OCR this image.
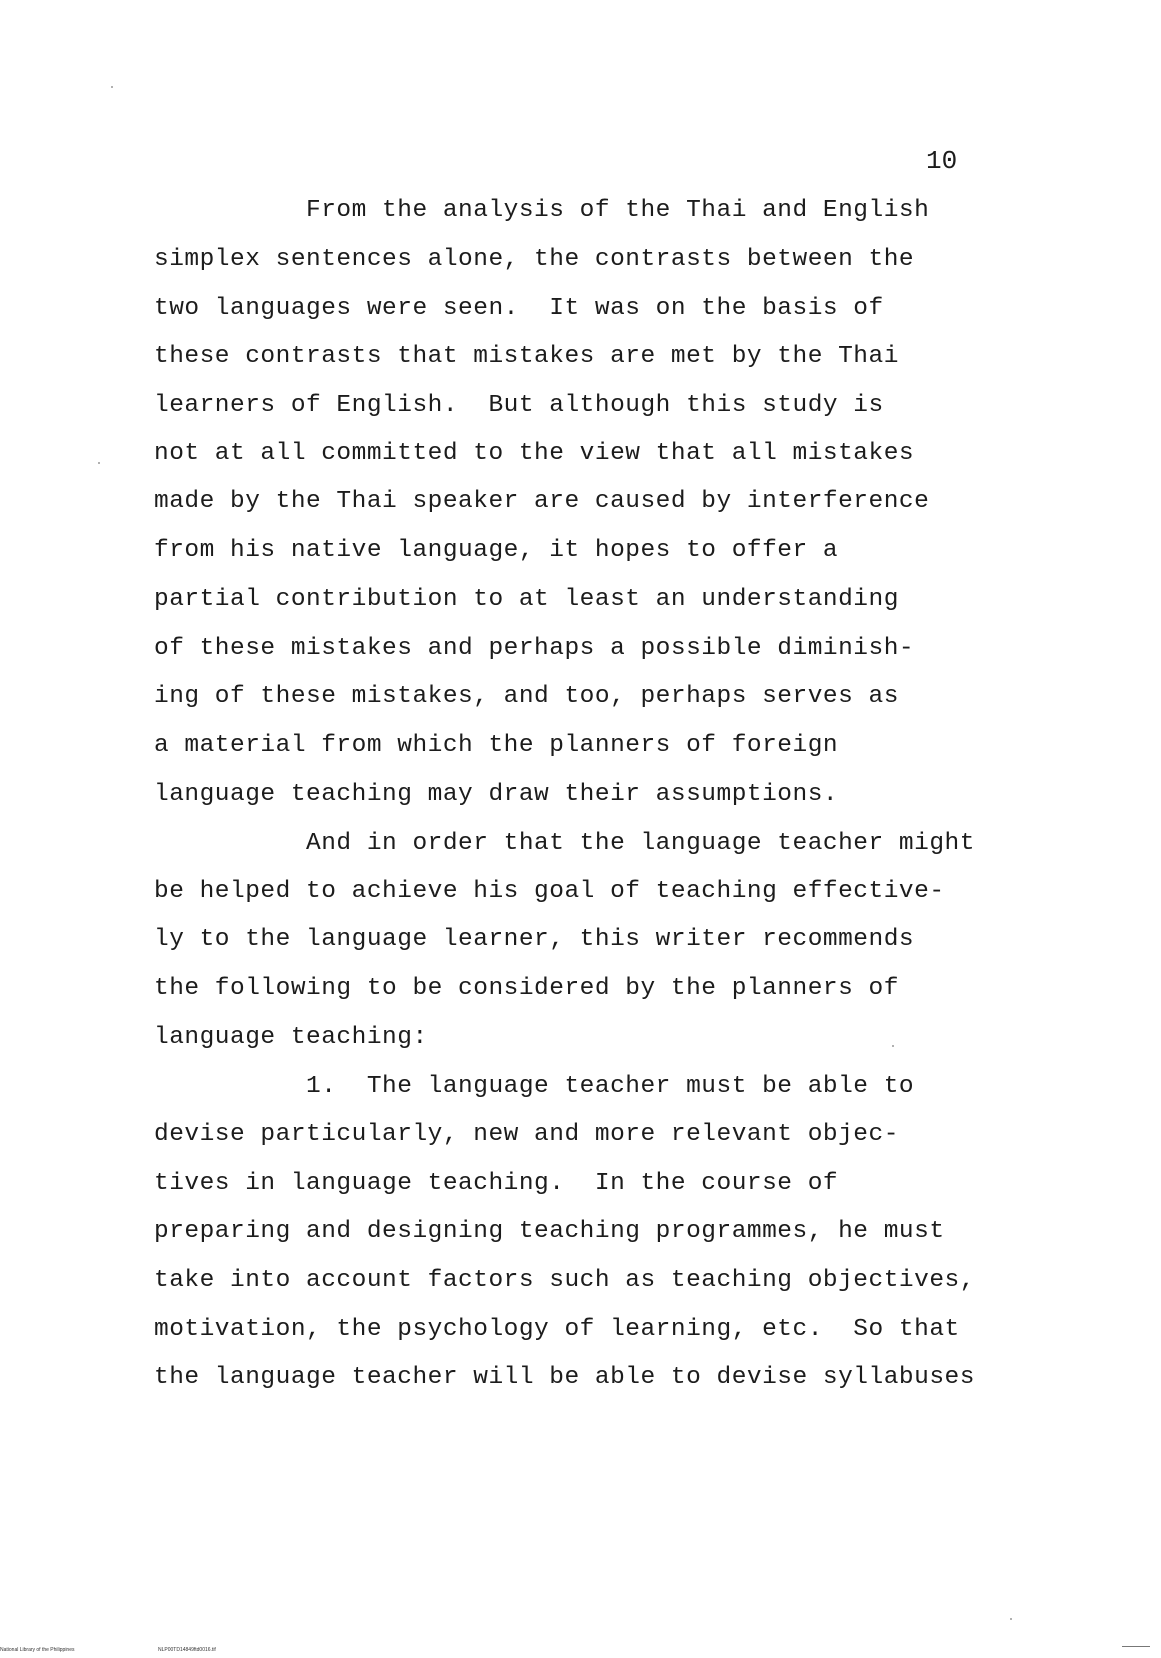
10
From the analysis of the Thai and English
simplex sentences alone, the contrasts between the
two languages were seen.  It was on the basis of
these contrasts that mistakes are met by the Thai
learners of English.  But although this study is
not at all committed to the view that all mistakes
made by the Thai speaker are caused by interference
from his native language, it hopes to offer a
partial contribution to at least an understanding
of these mistakes and perhaps a possible diminish-
ing of these mistakes, and too, perhaps serves as
a material from which the planners of foreign
language teaching may draw their assumptions.
And in order that the language teacher might
be helped to achieve his goal of teaching effective-
ly to the language learner, this writer recommends
the following to be considered by the planners of
language teaching:
1.  The language teacher must be able to
devise particularly, new and more relevant objec-
tives in language teaching.  In the course of
preparing and designing teaching programmes, he must
take into account factors such as teaching objectives,
motivation, the psychology of learning, etc.  So that
the language teacher will be able to devise syllabuses
National Library of the Philippines	NLP00TD14849ftd0016.tif
